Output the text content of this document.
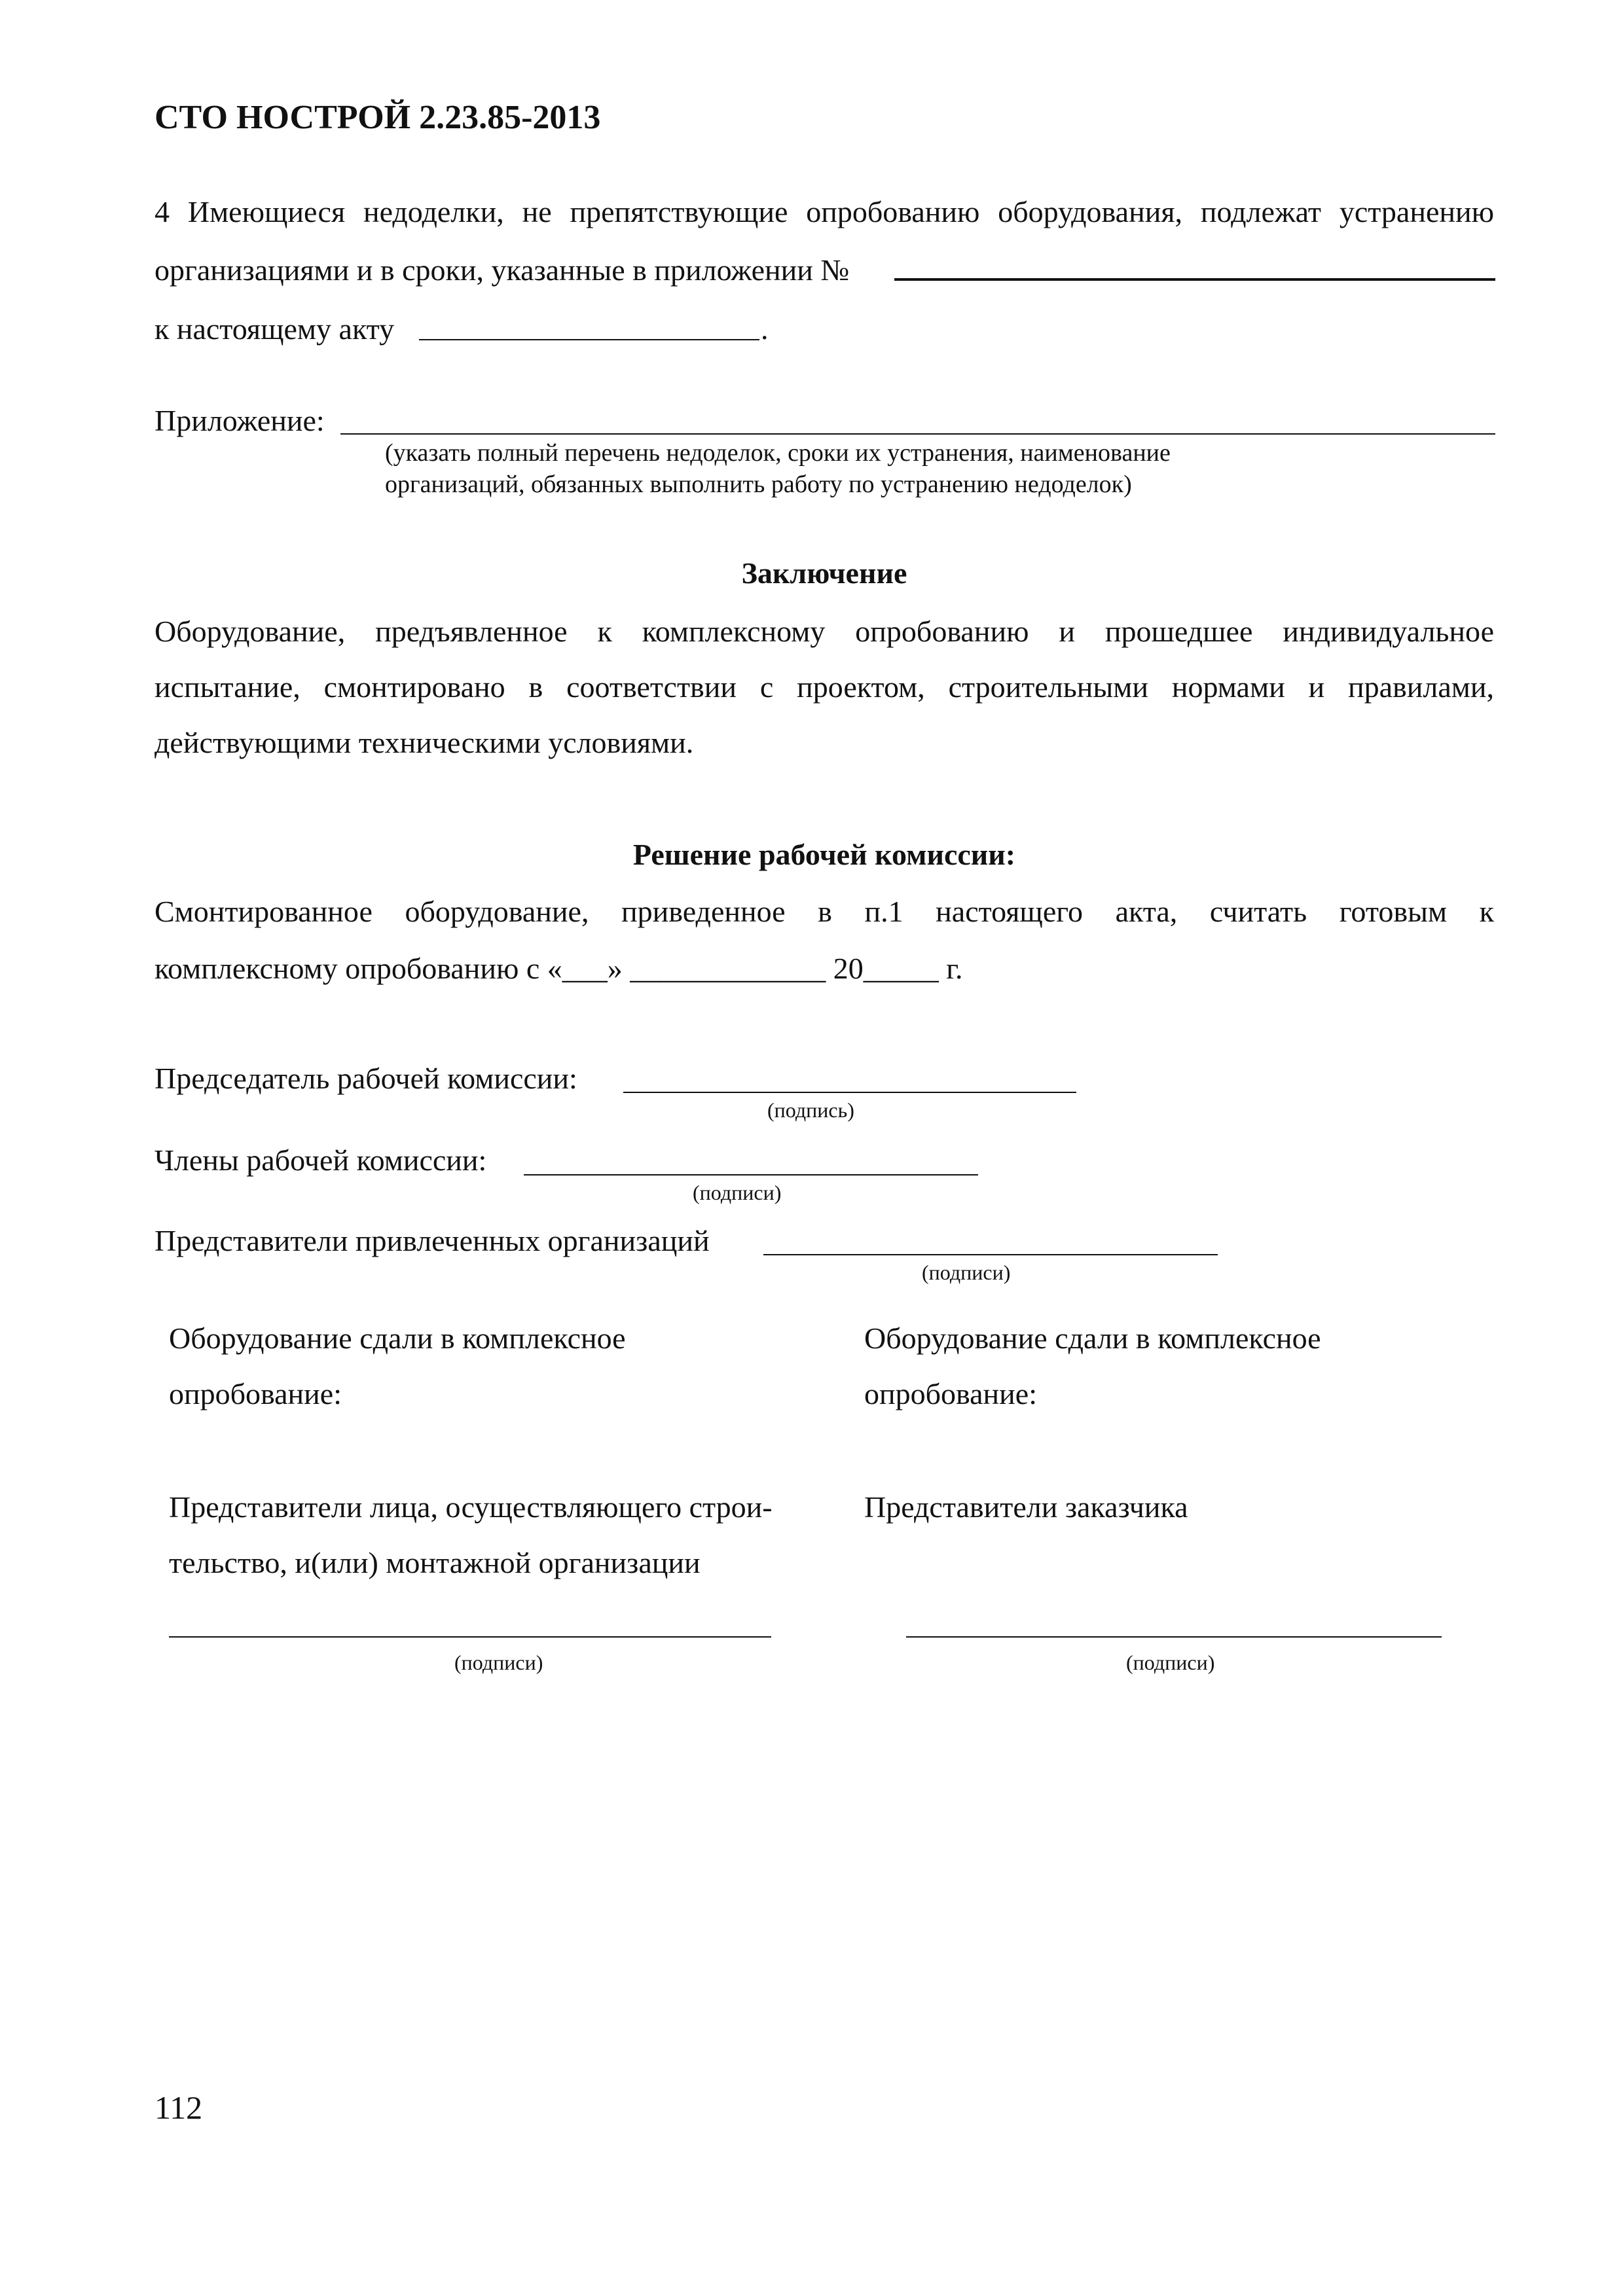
СТО НОСТРОЙ 2.23.85-2013
4 Имеющиеся недоделки, не препятствующие опробованию оборудования, подлежат устранению
организациями и в сроки, указанные в приложении №
к настоящему акту	.
Приложение:
(указать полный перечень недоделок, сроки их устранения, наименование
организаций, обязанных выполнить работу по устранению недоделок)
Заключение
Оборудование, предъявленное к комплексному опробованию и прошедшее индивидуальное
испытание, смонтировано в соответствии с проектом, строительными нормами и правилами,
действующими техническими условиями.
Решение рабочей комиссии:
Смонтированное оборудование, приведенное в п.1 настоящего акта, считать готовым к
комплексному опробованию с «___» _____________ 20_____ г.
Председатель рабочей комиссии:
(подпись)
Члены рабочей комиссии:
(подписи)
Представители привлеченных организаций
(подписи)
Оборудование сдали в комплексное
опробование:
Оборудование сдали в комплексное
опробование:
Представители лица, осуществляющего строи-
тельство, и(или) монтажной организации
Представители заказчика
(подписи)	(подписи)
112
